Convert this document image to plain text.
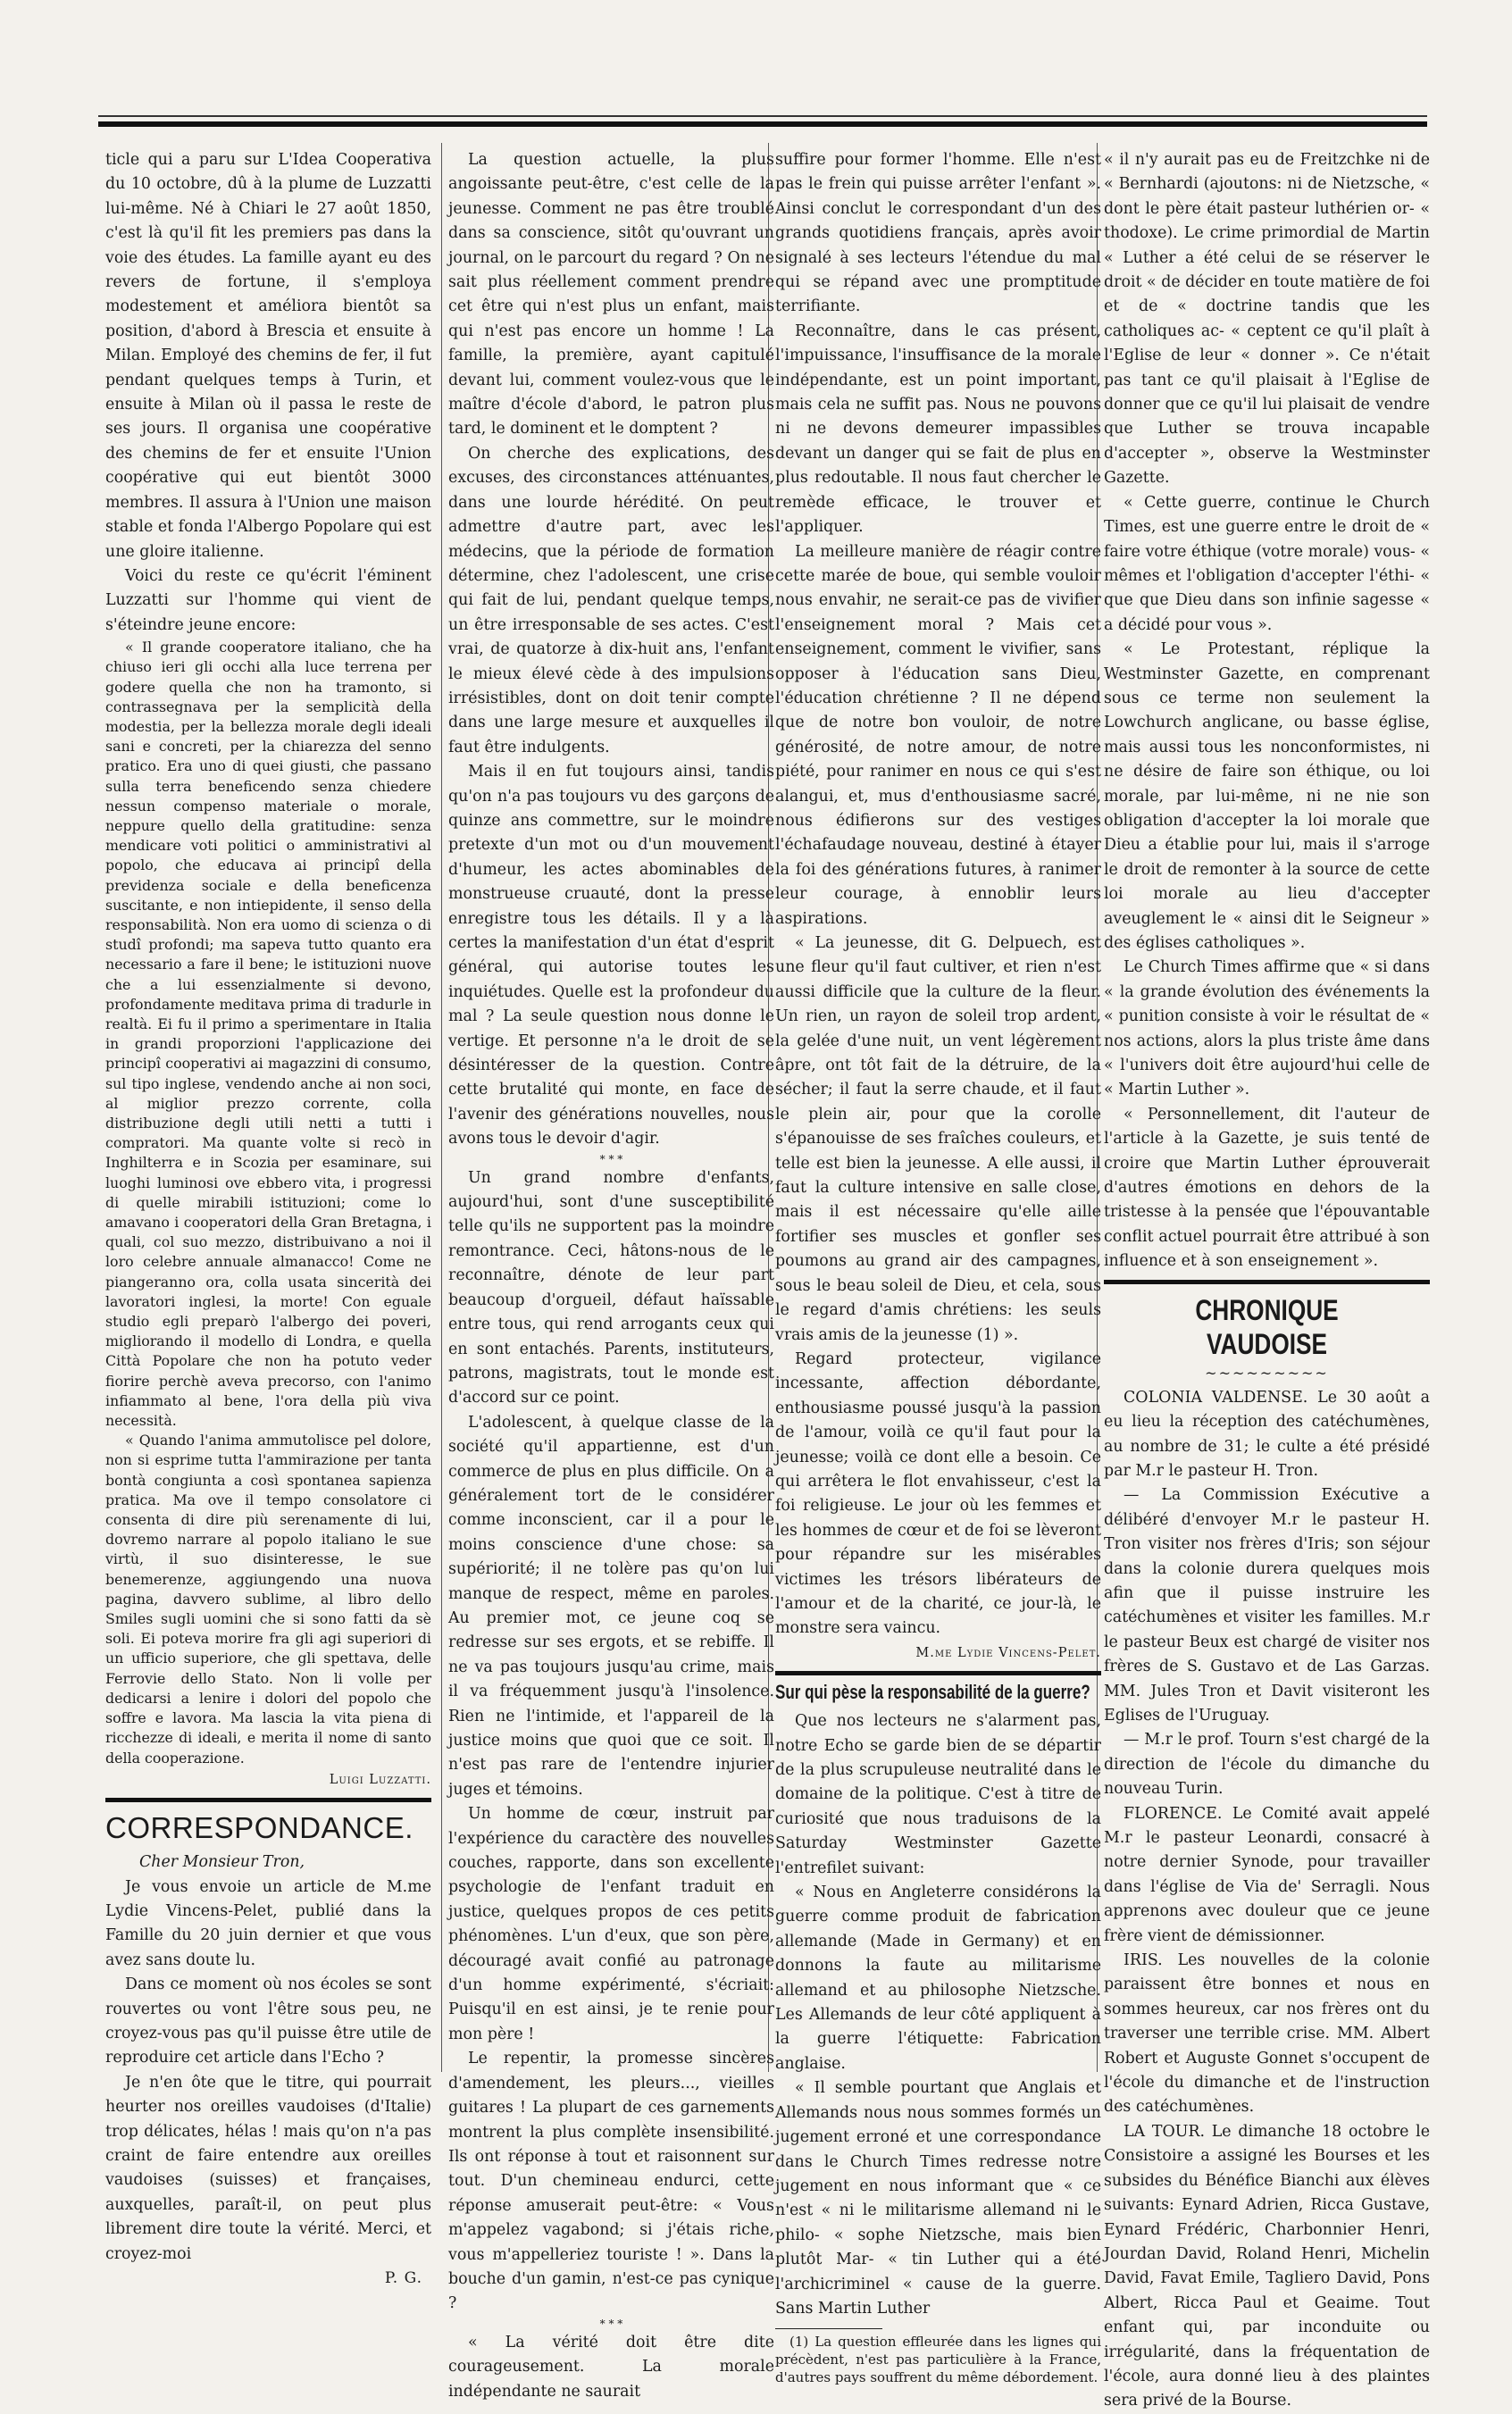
ticle qui a paru sur L'Idea Cooperativa du 10 octobre, dû à la plume de Luzzatti lui-même. Né à Chiari le 27 août 1850, c'est là qu'il fit les premiers pas dans la voie des études. La famille ayant eu des revers de fortune, il s'employa modestement et améliora bientôt sa position, d'abord à Brescia et ensuite à Milan. Employé des chemins de fer, il fut pendant quelques temps à Turin, et ensuite à Milan où il passa le reste de ses jours. Il organisa une coopérative des chemins de fer et ensuite l'Union coopérative qui eut bientôt 3000 membres. Il assura à l'Union une maison stable et fonda l'Albergo Popolare qui est une gloire italienne.

Voici du reste ce qu'écrit l'éminent Luzzatti sur l'homme qui vient de s'éteindre jeune encore:

« Il grande cooperatore italiano, che ha chiuso ieri gli occhi alla luce terrena per godere quella che non ha tramonto, si contrassegnava per la semplicità della modestia, per la bellezza morale degli ideali sani e concreti, per la chiarezza del senno pratico. Era uno di quei giusti, che passano sulla terra beneficendo senza chiedere nessun compenso materiale o morale, neppure quello della gratitudine: senza mendicare voti politici o amministrativi al popolo, che educava ai principî della previdenza sociale e della beneficenza suscitante, e non intiepidente, il senso della responsabilità. Non era uomo di scienza o di studî profondi; ma sapeva tutto quanto era necessario a fare il bene; le istituzioni nuove che a lui essenzialmente si devono, profondamente meditava prima di tradurle in realtà. Ei fu il primo a sperimentare in Italia in grandi proporzioni l'applicazione dei principî cooperativi ai magazzini di consumo, sul tipo inglese, vendendo anche ai non soci, al miglior prezzo corrente, colla distribuzione degli utili netti a tutti i compratori. Ma quante volte si recò in Inghilterra e in Scozia per esaminare, sui luoghi luminosi ove ebbero vita, i progressi di quelle mirabili istituzioni; come lo amavano i cooperatori della Gran Bretagna, i quali, col suo mezzo, distribuivano a noi il loro celebre annuale almanacco! Come ne piangeranno ora, colla usata sincerità dei lavoratori inglesi, la morte! Con eguale studio egli preparò l'albergo dei poveri, migliorando il modello di Londra, e quella Città Popolare che non ha potuto veder fiorire perchè aveva precorso, con l'animo infiammato al bene, l'ora della più viva necessità.

« Quando l'anima ammutolisce pel dolore, non si esprime tutta l'ammirazione per tanta bontà congiunta a così spontanea sapienza pratica. Ma ove il tempo consolatore ci consenta di dire più serenamente di lui, dovremo narrare al popolo italiano le sue virtù, il suo disinteresse, le sue benemerenze, aggiungendo una nuova pagina, davvero sublime, al libro dello Smiles sugli uomini che si sono fatti da sè soli. Ei poteva morire fra gli agi superiori di un ufficio superiore, che gli spettava, delle Ferrovie dello Stato. Non li volle per dedicarsi a lenire i dolori del popolo che soffre e lavora. Ma lascia la vita piena di ricchezze di ideali, e merita il nome di santo della cooperazione.

Luigi Luzzatti.
CORRESPONDANCE.

Cher Monsieur Tron,

Je vous envoie un article de M.me Lydie Vincens-Pelet, publié dans la Famille du 20 juin dernier et que vous avez sans doute lu.

Dans ce moment où nos écoles se sont rouvertes ou vont l'être sous peu, ne croyez-vous pas qu'il puisse être utile de reproduire cet article dans l'Echo ?

Je n'en ôte que le titre, qui pourrait heurter nos oreilles vaudoises (d'Italie) trop délicates, hélas ! mais qu'on n'a pas craint de faire entendre aux oreilles vaudoises (suisses) et françaises, auxquelles, paraît-il, on peut plus librement dire toute la vérité. Merci, et croyez-moi

P. G.

La question actuelle, la plus angoissante peut-être, c'est celle de la jeunesse. Comment ne pas être troublé dans sa conscience, sitôt qu'ouvrant un journal, on le parcourt du regard ? On ne sait plus réellement comment prendre cet être qui n'est plus un enfant, mais qui n'est pas encore un homme ! La famille, la première, ayant capitulé devant lui, comment voulez-vous que le maître d'école d'abord, le patron plus tard, le dominent et le domptent ?

On cherche des explications, des excuses, des circonstances atténuantes, dans une lourde hérédité. On peut admettre d'autre part, avec les médecins, que la période de formation détermine, chez l'adolescent, une crise qui fait de lui, pendant quelque temps, un être irresponsable de ses actes. C'est vrai, de quatorze à dix-huit ans, l'enfant le mieux élevé cède à des impulsions irrésistibles, dont on doit tenir compte dans une large mesure et auxquelles il faut être indulgents.

Mais il en fut toujours ainsi, tandis qu'on n'a pas toujours vu des garçons de quinze ans commettre, sur le moindre pretexte d'un mot ou d'un mouvement d'humeur, les actes abominables de monstrueuse cruauté, dont la presse enregistre tous les détails. Il y a là certes la manifestation d'un état d'esprit général, qui autorise toutes les inquiétudes. Quelle est la profondeur du mal ? La seule question nous donne le vertige. Et personne n'a le droit de se désintéresser de la question. Contre cette brutalité qui monte, en face de l'avenir des générations nouvelles, nous avons tous le devoir d'agir.

* * *

Un grand nombre d'enfants, aujourd'hui, sont d'une susceptibilité telle qu'ils ne supportent pas la moindre remontrance. Ceci, hâtons-nous de le reconnaître, dénote de leur part beaucoup d'orgueil, défaut haïssable entre tous, qui rend arrogants ceux qui en sont entachés. Parents, instituteurs, patrons, magistrats, tout le monde est d'accord sur ce point.

L'adolescent, à quelque classe de la société qu'il appartienne, est d'un commerce de plus en plus difficile. On a généralement tort de le considérer comme inconscient, car il a pour le moins conscience d'une chose: sa supériorité; il ne tolère pas qu'on lui manque de respect, même en paroles. Au premier mot, ce jeune coq se redresse sur ses ergots, et se rebiffe. Il ne va pas toujours jusqu'au crime, mais il va fréquemment jusqu'à l'insolence. Rien ne l'intimide, et l'appareil de la justice moins que quoi que ce soit. Il n'est pas rare de l'entendre injurier juges et témoins.

Un homme de cœur, instruit par l'expérience du caractère des nouvelles couches, rapporte, dans son excellente psychologie de l'enfant traduit en justice, quelques propos de ces petits phénomènes. L'un d'eux, que son père, découragé avait confié au patronage d'un homme expérimenté, s'écriait: Puisqu'il en est ainsi, je te renie pour mon père !

Le repentir, la promesse sincères d'amendement, les pleurs..., vieilles guitares ! La plupart de ces garnements montrent la plus complète insensibilité. Ils ont réponse à tout et raisonnent sur tout. D'un chemineau endurci, cette réponse amuserait peut-être: « Vous m'appelez vagabond; si j'étais riche, vous m'appelleriez touriste ! ». Dans la bouche d'un gamin, n'est-ce pas cynique ?

* * *

« La vérité doit être dite courageusement. La morale indépendante ne saurait

suffire pour former l'homme. Elle n'est pas le frein qui puisse arrêter l'enfant ». Ainsi conclut le correspondant d'un des grands quotidiens français, après avoir signalé à ses lecteurs l'étendue du mal qui se répand avec une promptitude terrifiante.

Reconnaître, dans le cas présent, l'impuissance, l'insuffisance de la morale indépendante, est un point important, mais cela ne suffit pas. Nous ne pouvons ni ne devons demeurer impassibles devant un danger qui se fait de plus en plus redoutable. Il nous faut chercher le remède efficace, le trouver et l'appliquer.

La meilleure manière de réagir contre cette marée de boue, qui semble vouloir nous envahir, ne serait-ce pas de vivifier l'enseignement moral ? Mais cet enseignement, comment le vivifier, sans opposer à l'éducation sans Dieu, l'éducation chrétienne ? Il ne dépend que de notre bon vouloir, de notre générosité, de notre amour, de notre piété, pour ranimer en nous ce qui s'est alangui, et, mus d'enthousiasme sacré, nous édifierons sur des vestiges l'échafaudage nouveau, destiné à étayer la foi des générations futures, à ranimer leur courage, à ennoblir leurs aspirations.

« La jeunesse, dit G. Delpuech, est une fleur qu'il faut cultiver, et rien n'est aussi difficile que la culture de la fleur. Un rien, un rayon de soleil trop ardent, la gelée d'une nuit, un vent légèrement âpre, ont tôt fait de la détruire, de la sécher; il faut la serre chaude, et il faut le plein air, pour que la corolle s'épanouisse de ses fraîches couleurs, et telle est bien la jeunesse. A elle aussi, il faut la culture intensive en salle close, mais il est nécessaire qu'elle aille fortifier ses muscles et gonfler ses poumons au grand air des campagnes, sous le beau soleil de Dieu, et cela, sous le regard d'amis chrétiens: les seuls vrais amis de la jeunesse (1) ».

Regard protecteur, vigilance incessante, affection débordante, enthousiasme poussé jusqu'à la passion de l'amour, voilà ce qu'il faut pour la jeunesse; voilà ce dont elle a besoin. Ce qui arrêtera le flot envahisseur, c'est la foi religieuse. Le jour où les femmes et les hommes de cœur et de foi se lèveront pour répandre sur les misérables victimes les trésors libérateurs de l'amour et de la charité, ce jour-là, le monstre sera vaincu.

M.me Lydie Vincens-Pelet.
Sur qui pèse la responsabilité de la guerre?

Que nos lecteurs ne s'alarment pas, notre Echo se garde bien de se départir de la plus scrupuleuse neutralité dans le domaine de la politique. C'est à titre de curiosité que nous traduisons de la Saturday Westminster Gazette l'entrefilet suivant:

« Nous en Angleterre considérons la guerre comme produit de fabrication allemande (Made in Germany) et en donnons la faute au militarisme allemand et au philosophe Nietzsche. Les Allemands de leur côté appliquent à la guerre l'étiquette: Fabrication anglaise.

« Il semble pourtant que Anglais et Allemands nous nous sommes formés un jugement erroné et une correspondance dans le Church Times redresse notre jugement en nous informant que « ce n'est « ni le militarisme allemand ni le philo- « sophe Nietzsche, mais bien plutôt Mar- « tin Luther qui a été l'archicriminel « cause de la guerre. Sans Martin Luther

(1) La question effleurée dans les lignes qui précèdent, n'est pas particulière à la France, d'autres pays souffrent du même débordement.

« il n'y aurait pas eu de Freitzchke ni de « Bernhardi (ajoutons: ni de Nietzsche, « dont le père était pasteur luthérien or- « thodoxe). Le crime primordial de Martin « Luther a été celui de se réserver le droit « de décider en toute matière de foi et de « doctrine tandis que les catholiques ac- « ceptent ce qu'il plaît à l'Eglise de leur « donner ». Ce n'était pas tant ce qu'il plaisait à l'Eglise de donner que ce qu'il lui plaisait de vendre que Luther se trouva incapable d'accepter », observe la Westminster Gazette.

« Cette guerre, continue le Church Times, est une guerre entre le droit de « faire votre éthique (votre morale) vous- « mêmes et l'obligation d'accepter l'éthi- « que que Dieu dans son infinie sagesse « a décidé pour vous ».

« Le Protestant, réplique la Westminster Gazette, en comprenant sous ce terme non seulement la Lowchurch anglicane, ou basse église, mais aussi tous les nonconformistes, ni ne désire de faire son éthique, ou loi morale, par lui-même, ni ne nie son obligation d'accepter la loi morale que Dieu a établie pour lui, mais il s'arroge le droit de remonter à la source de cette loi morale au lieu d'accepter aveuglement le « ainsi dit le Seigneur » des églises catholiques ».

Le Church Times affirme que « si dans « la grande évolution des événements la « punition consiste à voir le résultat de « nos actions, alors la plus triste âme dans « l'univers doit être aujourd'hui celle de « Martin Luther ».

« Personnellement, dit l'auteur de l'article à la Gazette, je suis tenté de croire que Martin Luther éprouverait d'autres émotions en dehors de la tristesse à la pensée que l'épouvantable conflit actuel pourrait être attribué à son influence et à son enseignement ».

CHRONIQUE VAUDOISE
~~~~~~~~~

COLONIA VALDENSE. Le 30 août a eu lieu la réception des catéchumènes, au nombre de 31; le culte a été présidé par M.r le pasteur H. Tron.

— La Commission Exécutive a délibéré d'envoyer M.r le pasteur H. Tron visiter nos frères d'Iris; son séjour dans la colonie durera quelques mois afin que il puisse instruire les catéchumènes et visiter les familles. M.r le pasteur Beux est chargé de visiter nos frères de S. Gustavo et de Las Garzas. MM. Jules Tron et Davit visiteront les Eglises de l'Uruguay.

— M.r le prof. Tourn s'est chargé de la direction de l'école du dimanche du nouveau Turin.

FLORENCE. Le Comité avait appelé M.r le pasteur Leonardi, consacré à notre dernier Synode, pour travailler dans l'église de Via de' Serragli. Nous apprenons avec douleur que ce jeune frère vient de démissionner.

IRIS. Les nouvelles de la colonie paraissent être bonnes et nous en sommes heureux, car nos frères ont du traverser une terrible crise. MM. Albert Robert et Auguste Gonnet s'occupent de l'école du dimanche et de l'instruction des catéchumènes.

LA TOUR. Le dimanche 18 octobre le Consistoire a assigné les Bourses et les subsides du Bénéfice Bianchi aux élèves suivants: Eynard Adrien, Ricca Gustave, Eynard Frédéric, Charbonnier Henri, Jourdan David, Roland Henri, Michelin David, Favat Emile, Tagliero David, Pons Albert, Ricca Paul et Geaime. Tout enfant qui, par inconduite ou irrégularité, dans la fréquentation de l'école, aura donné lieu à des plaintes sera privé de la Bourse.
